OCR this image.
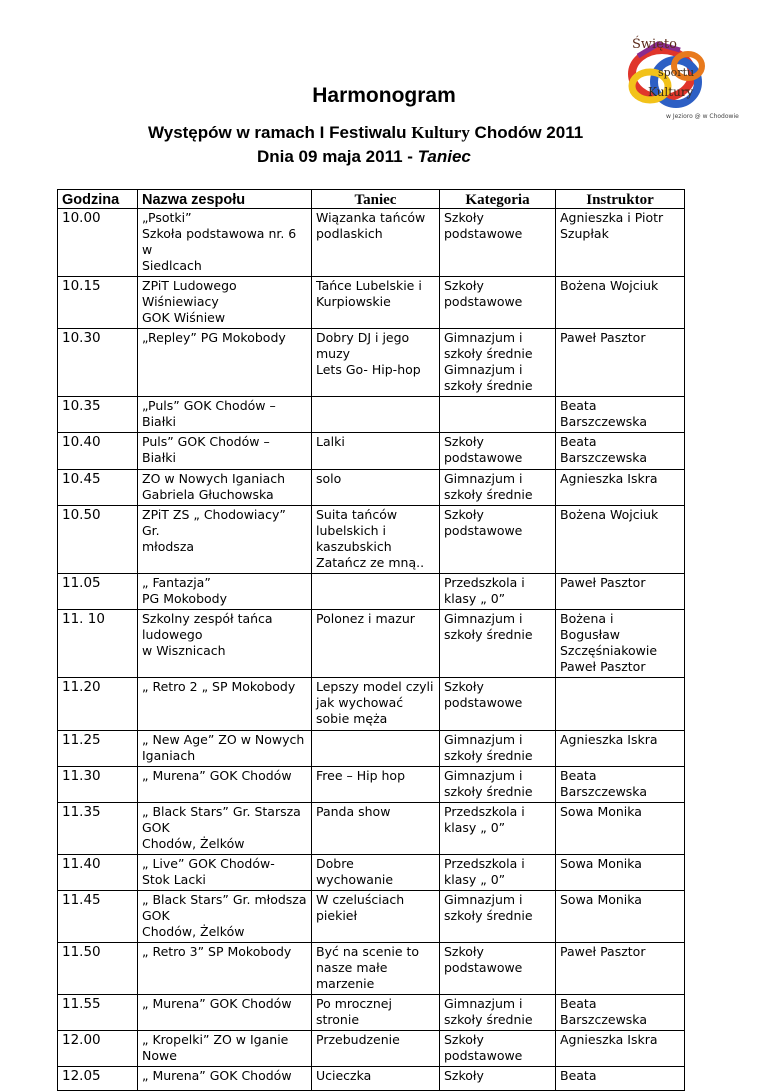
Święto
sportu
Kultury
w Jezioro @ w Chodowie
Harmonogram
Występów w ramach I Festiwalu Kultury Chodów 2011
Dnia 09 maja 2011 - Taniec
Godzina	Nazwa zespołu	Taniec	Kategoria	Instruktor
10.00	„Psotki”
Szkoła podstawowa nr. 6 w
Siedlcach	Wiązanka tańców
podlaskich	Szkoły
podstawowe	Agnieszka i Piotr
Szupłak

10.15	ZPiT Ludowego Wiśniewiacy
GOK Wiśniew	Tańce Lubelskie i
Kurpiowskie	Szkoły
podstawowe	Bożena Wojciuk

10.30	„Repley” PG Mokobody	Dobry DJ i jego
muzy
Lets Go- Hip-hop	Gimnazjum i
szkoły średnie
Gimnazjum i
szkoły średnie	Paweł Pasztor

10.35	„Puls” GOK Chodów –
Białki			Beata
Barszczewska

10.40	Puls” GOK Chodów –
Białki	Lalki	Szkoły
podstawowe	Beata
Barszczewska

10.45	ZO w Nowych Iganiach
Gabriela Głuchowska	solo	Gimnazjum i
szkoły średnie	Agnieszka Iskra

10.50	ZPiT ZS „ Chodowiacy” Gr.
młodsza	Suita tańców
lubelskich i
kaszubskich
Zatańcz ze mną..	Szkoły
podstawowe	Bożena Wojciuk

11.05	„ Fantazja”
PG Mokobody		Przedszkola i
klasy „ 0”	Paweł Pasztor

11. 10	Szkolny zespół tańca ludowego
w Wisznicach	Polonez i mazur	Gimnazjum i
szkoły średnie	Bożena i
Bogusław
Szczęśniakowie
Paweł Pasztor

11.20	„ Retro 2 „ SP Mokobody	Lepszy model czyli
jak wychować
sobie męża	Szkoły
podstawowe	

11.25	„ New Age” ZO w Nowych
Iganiach		Gimnazjum i
szkoły średnie	Agnieszka Iskra

11.30	„ Murena” GOK Chodów	Free – Hip hop	Gimnazjum i
szkoły średnie	Beata
Barszczewska

11.35	„ Black Stars” Gr. Starsza GOK
Chodów, Żelków	Panda show	Przedszkola i
klasy „ 0”	Sowa Monika

11.40	„ Live” GOK Chodów-
Stok Lacki	Dobre
wychowanie	Przedszkola i
klasy „ 0”	Sowa Monika

11.45	„ Black Stars” Gr. młodsza GOK
Chodów, Żelków	W czeluściach
piekieł	Gimnazjum i
szkoły średnie	Sowa Monika

11.50	„ Retro 3” SP Mokobody	Być na scenie to
nasze małe
marzenie	Szkoły
podstawowe	Paweł Pasztor

11.55	„ Murena” GOK Chodów	Po mrocznej
stronie	Gimnazjum i
szkoły średnie	Beata
Barszczewska

12.00	„ Kropelki” ZO w Iganie Nowe	Przebudzenie	Szkoły
podstawowe	Agnieszka Iskra

12.05	„ Murena” GOK Chodów	Ucieczka	Szkoły	Beata
